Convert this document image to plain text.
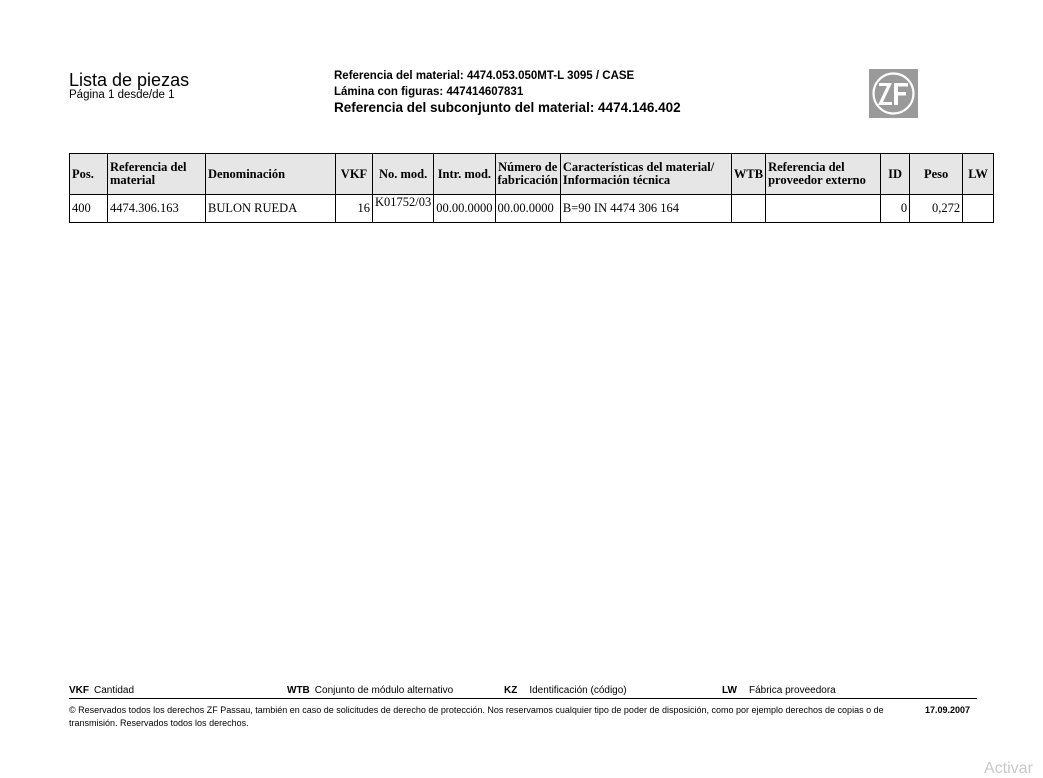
Lista de piezas
Página 1 desde/de 1
Referencia del material: 4474.053.050MT-L 3095 / CASE
Lámina con figuras: 447414607831
Referencia del subconjunto del material: 4474.146.402
Pos.	Referencia del material	Denominación	VKF	No. mod.	Intr. mod.	Número de fabricación	Características del material/ Información técnica	WTB	Referencia del proveedor externo	ID	Peso	LW
400	4474.306.163	BULON RUEDA	16	K01752/03	00.00.0000	00.00.0000	B=90 IN 4474 306 164			0	0,272	
VKF Cantidad	WTB Conjunto de módulo alternativo	KZ Identificación (código)	LW Fábrica proveedora
© Reservados todos los derechos ZF Passau, también en caso de solicitudes de derecho de protección. Nos reservamos cualquier tipo de poder de disposición, como por ejemplo derechos de copias o de transmisión. Reservados todos los derechos.
17.09.2007
Activar
